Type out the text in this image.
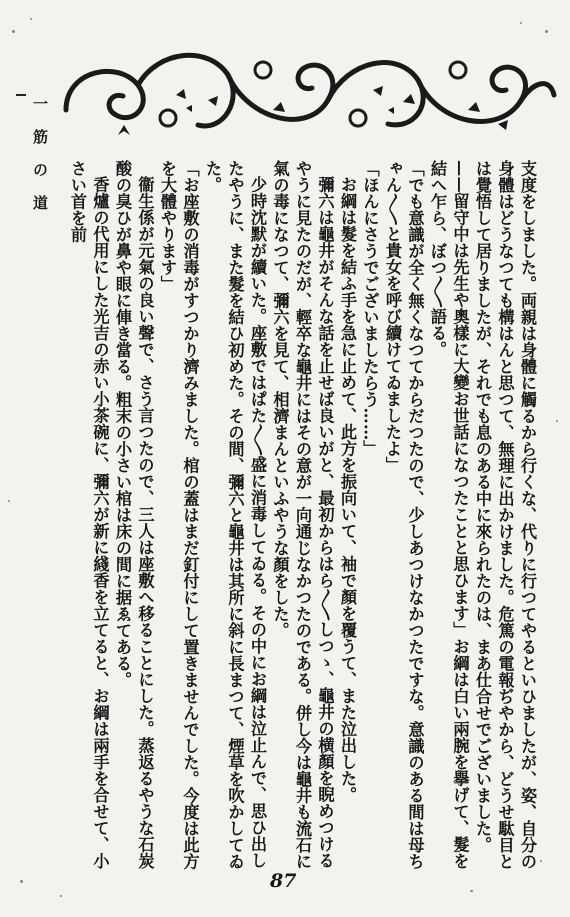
一筋の道	支度をしました。両親は身體に觸るから行くな、代りに行つてやるといひましたが、姿、自分の身體はどうなつても構はんと思つて、無理に出かけました。危篤の電報ぢやから、どうせ駄目とは覺悟して居りましたが、それでも息のある中に來られたのは、まあ仕合せでございました。——留守中は先生や奧樣に大變お世話になつたことと思ひます」お綱は白い兩腕を擧げて、髮を結へ乍ら、ぼつ〳〵語る。

「でも意識が全く無くなつてからだつたので、少しあつけなかつたですな。意識のある間は母ちゃん〳〵と貴女を呼び續けてゐましたよ」

「ほんにさうでございましたらう……」

お綱は髮を結ふ手を急に止めて、此方を振向いて、袖で顏を覆うて、また泣出した。

彌六は龜井がそんな話を止せば良いがと、最初からはら〳〵しつゝ、龜井の横顏を睨めつけるやうに見たのだが、輕卒な龜井にはその意が一向通じなかつたのである。併し今は龜井も流石に氣の毒になつて、彌六を見て、相濟まんといふやうな顏をした。

少時沈默が續いた。座敷ではぱた〳〵盛に消毒してゐる。その中にお綱は泣止んで、思ひ出したやうに、また髮を結ひ初めた。その間、彌六と龜井は其所に斜に長まつて、煙草を吹かしてゐた。

「お座敷の消毒がすつかり濟みました。棺の蓋はまだ釘付にして置きませんでした。今度は此方を大體やります」

衞生係が元氣の良い聲で、さう言つたので、三人は座敷へ移ることにした。蒸返るやうな石炭酸の臭ひが鼻や眼に俥き當る。粗末の小さい棺は床の間に据ゑてある。

香爐の代用にした光吉の赤い小茶碗に、彌六が新に綫香を立てると、お綱は兩手を合せて、小さい首を前

87
